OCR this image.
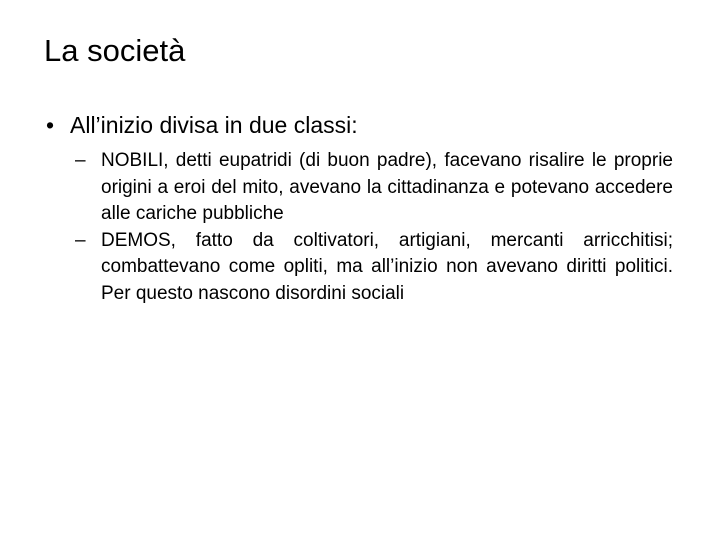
La società
• All’inizio divisa in due classi:
– NOBILI, detti eupatridi (di buon padre), facevano risalire le proprie origini a eroi del mito, avevano la cittadinanza e potevano accedere alle cariche pubbliche
– DEMOS, fatto da coltivatori, artigiani, mercanti arricchitisi; combattevano come opliti, ma all’inizio non avevano diritti politici. Per questo nascono disordini sociali
